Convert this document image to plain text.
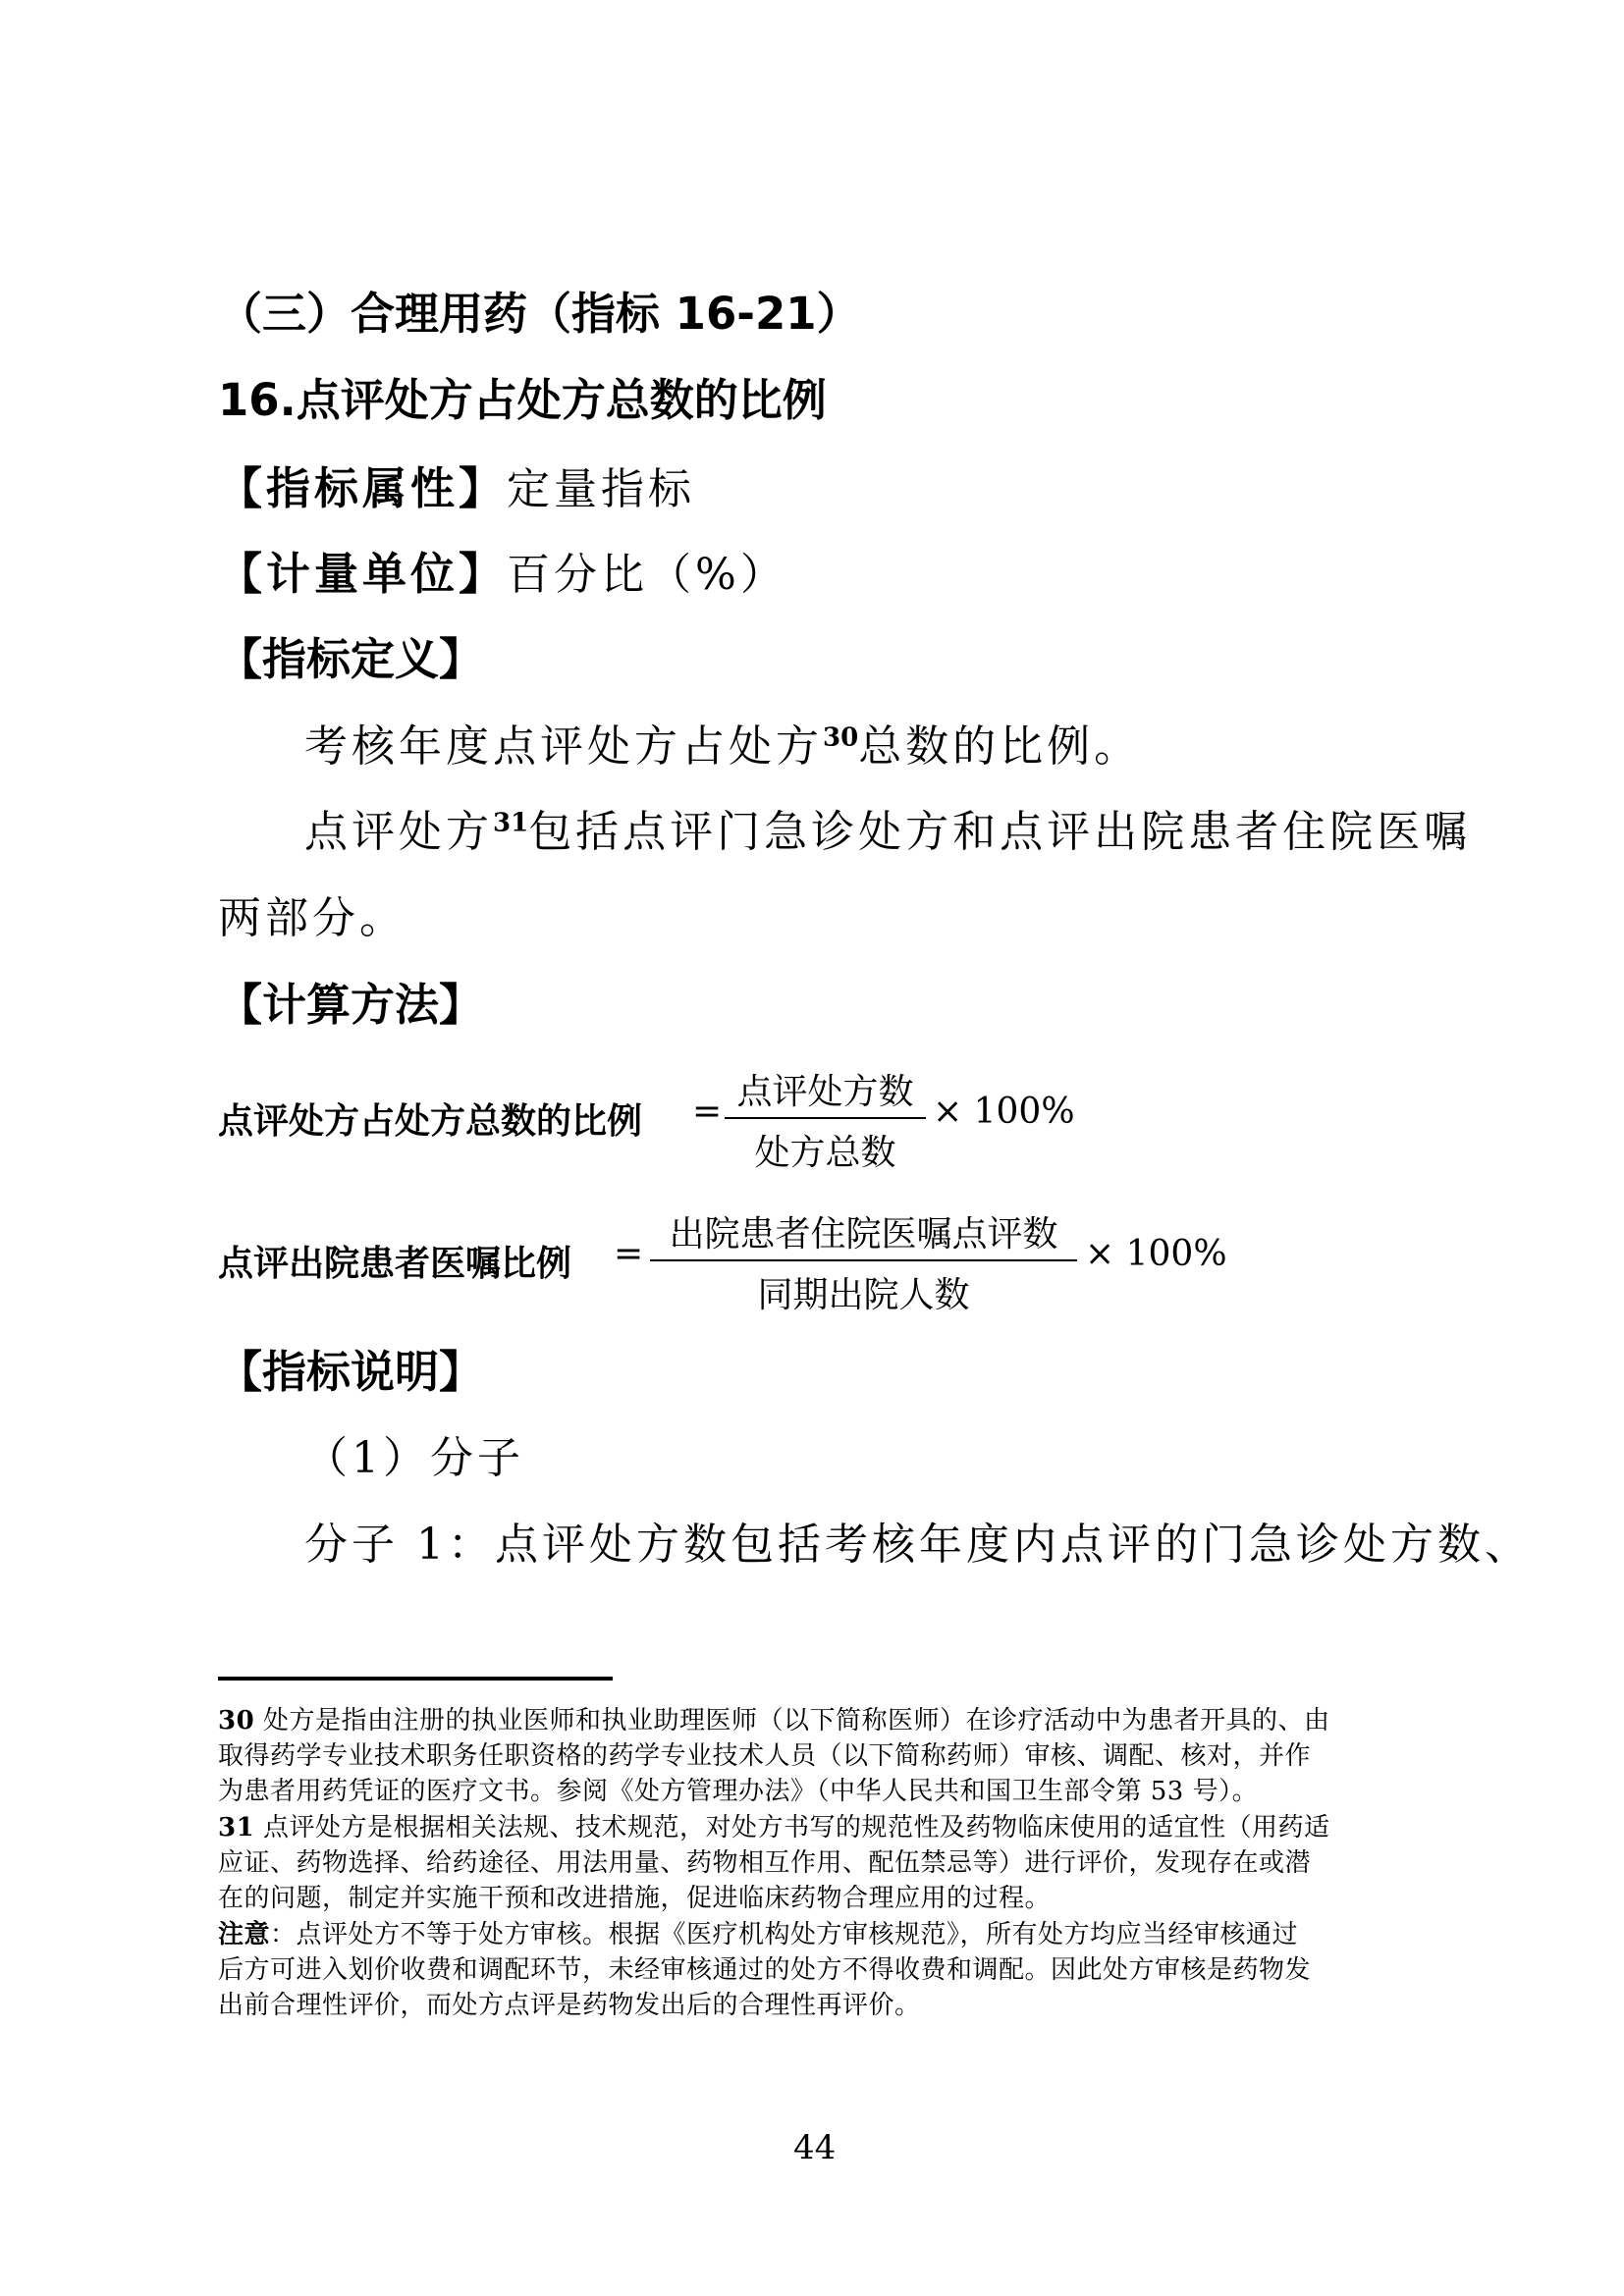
（三）合理用药（指标 16-21）
16.点评处方占处方总数的比例
【指标属性】定量指标
【计量单位】百分比（%）
【指标定义】
考核年度点评处方占处方$^{30}$总数的比例。
点评处方$^{31}$包括点评门急诊处方和点评出院患者住院医嘱
两部分。
【计算方法】
点评处方占处方总数的比例 = 点评处方数
处方总数
× 100%
点评出院患者医嘱比例 = 出院患者住院医嘱点评数
同期出院人数
× 100%
【指标说明】
（1）分子
分子 1：点评处方数包括考核年度内点评的门急诊处方数、
30 处方是指由注册的执业医师和执业助理医师（以下简称医师）在诊疗活动中为患者开具的、由
取得药学专业技术职务任职资格的药学专业技术人员（以下简称药师）审核、调配、核对，并作
为患者用药凭证的医疗文书。参阅《处方管理办法》（中华人民共和国卫生部令第 53 号）。
31 点评处方是根据相关法规、技术规范，对处方书写的规范性及药物临床使用的适宜性（用药适
应证、药物选择、给药途径、用法用量、药物相互作用、配伍禁忌等）进行评价，发现存在或潜
在的问题，制定并实施干预和改进措施，促进临床药物合理应用的过程。
注意：点评处方不等于处方审核。根据《医疗机构处方审核规范》，所有处方均应当经审核通过
后方可进入划价收费和调配环节，未经审核通过的处方不得收费和调配。因此处方审核是药物发
出前合理性评价，而处方点评是药物发出后的合理性再评价。
44
